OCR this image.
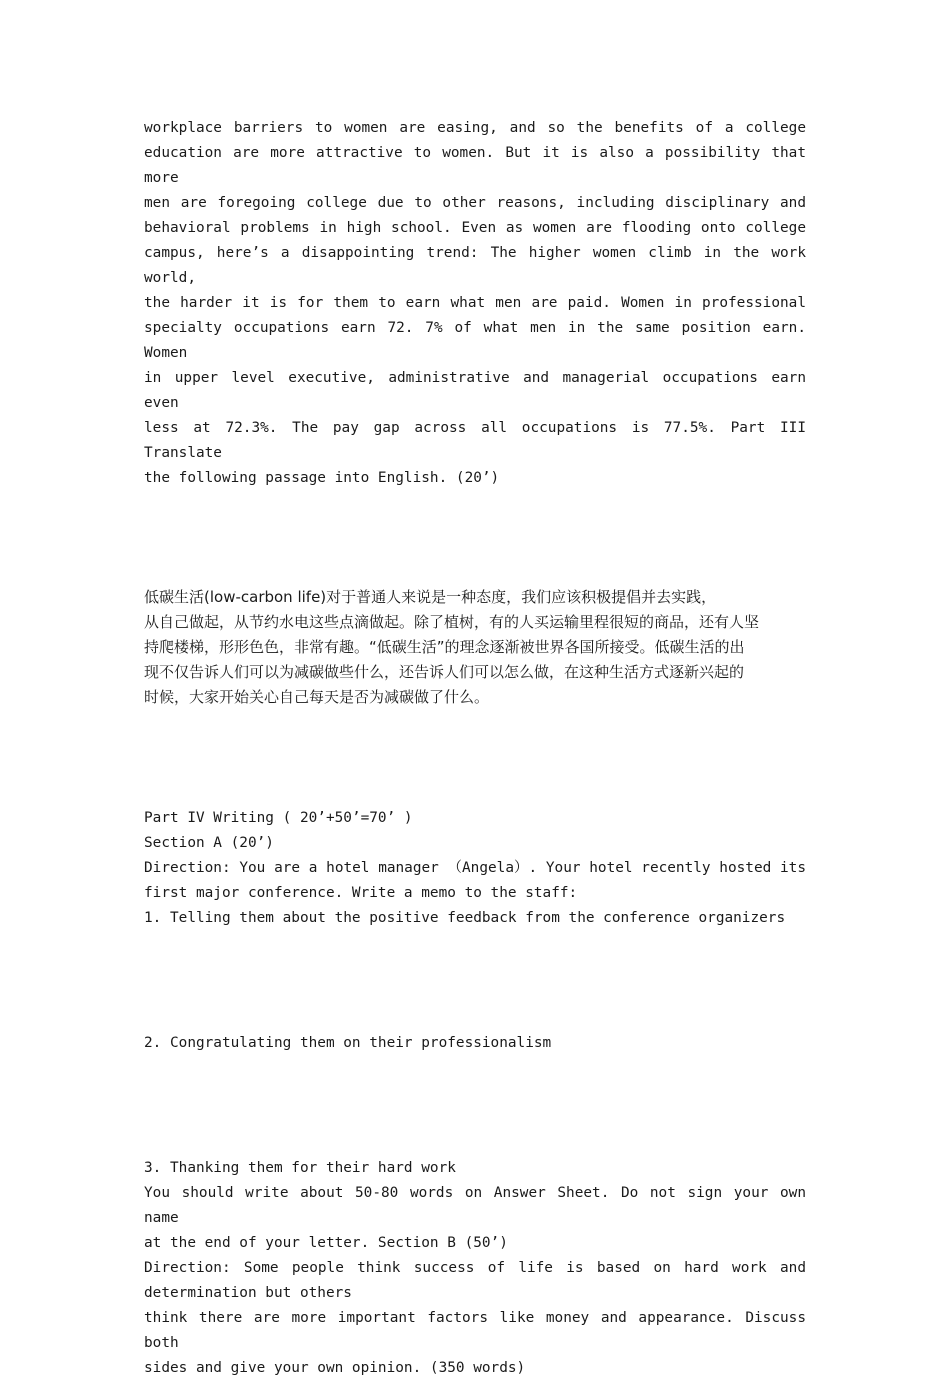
workplace barriers to women are easing, and so the benefits of a college
education are more attractive to women. But it is also a possibility that more
men are foregoing college due to other reasons, including disciplinary and
behavioral problems in high school. Even as women are flooding onto college
campus, here’s a disappointing trend: The higher women climb in the work world,
the harder it is for them to earn what men are paid. Women in professional
specialty occupations earn 72. 7% of what men in the same position earn. Women
in upper level executive, administrative and managerial occupations earn even
less at 72.3%. The pay gap across all occupations is 77.5%. Part III Translate
the following passage into English. (20’)
低碳生活(low-carbon life)对于普通人来说是一种态度，我们应该积极提倡并去实践，
从自己做起，从节约水电这些点滴做起。除了植树，有的人买运输里程很短的商品，还有人坚
持爬楼梯，形形色色，非常有趣。“低碳生活”的理念逐渐被世界各国所接受。低碳生活的出
现不仅告诉人们可以为减碳做些什么，还告诉人们可以怎么做，在这种生活方式逐新兴起的
时候，大家开始关心自己每天是否为减碳做了什么。
Part IV Writing ( 20’+50’=70’ )
Section A (20’)
Direction: You are a hotel manager （Angela）. Your hotel recently hosted its
first major conference. Write a memo to the staff:
1. Telling them about the positive feedback from the conference organizers
2. Congratulating them on their professionalism
3. Thanking them for their hard work
You should write about 50-80 words on Answer Sheet. Do not sign your own name
at the end of your letter. Section B (50’)
Direction: Some people think success of life is based on hard work and
determination but others
think there are more important factors like money and appearance. Discuss both
sides and give your own opinion. (350 words)
